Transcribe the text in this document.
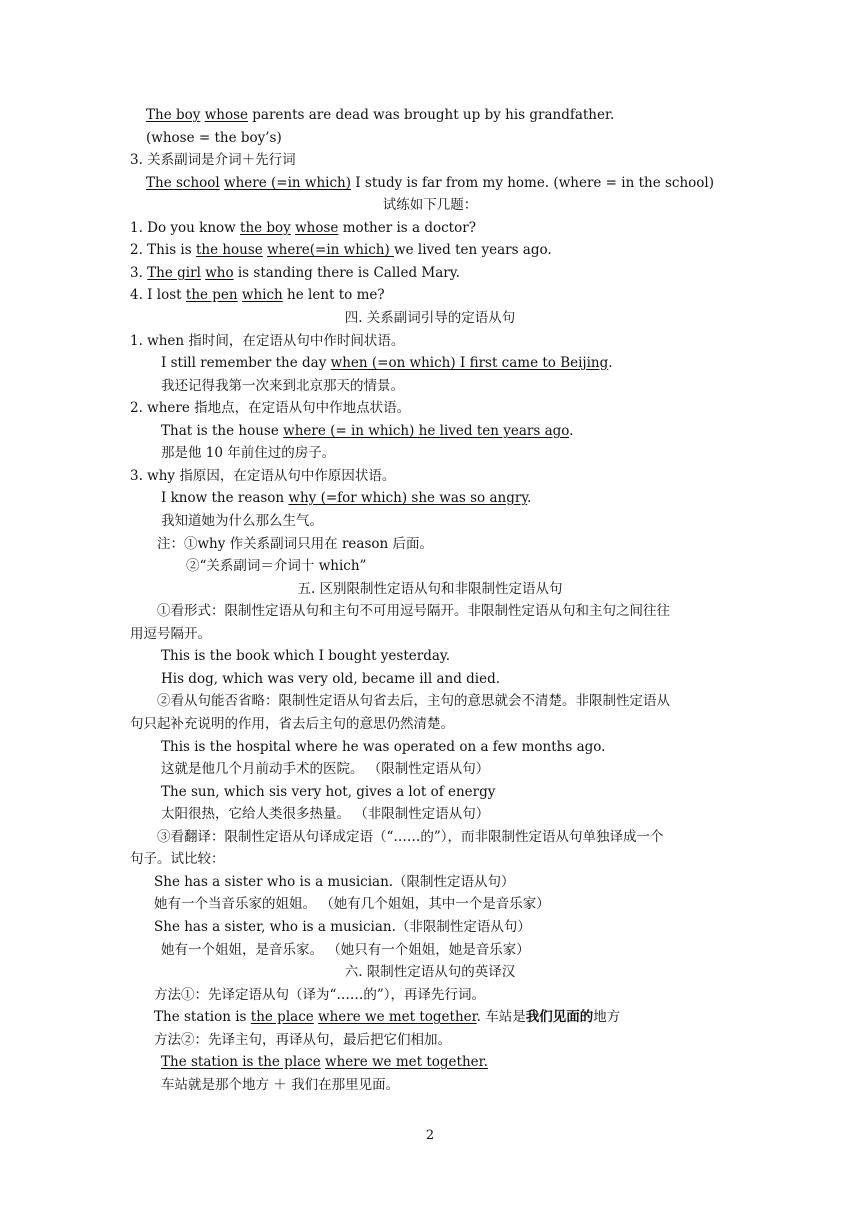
The boy whose parents are dead was brought up by his grandfather.
(whose = the boy’s)
3. 关系副词是介词＋先行词
The school where (=in which) I study is far from my home. (where = in the school)
试练如下几题：
1. Do you know the boy whose mother is a doctor?
2. This is the house where(=in which) we lived ten years ago.
3. The girl who is standing there is Called Mary.
4. I lost the pen which he lent to me?
四. 关系副词引导的定语从句
1. when 指时间，在定语从句中作时间状语。
I still remember the day when (=on which) I first came to Beijing.
我还记得我第一次来到北京那天的情景。
2. where 指地点，在定语从句中作地点状语。
That is the house where (= in which) he lived ten years ago.
那是他 10 年前住过的房子。
3. why 指原因，在定语从句中作原因状语。
I know the reason why (=for which) she was so angry.
我知道她为什么那么生气。
注：①why 作关系副词只用在 reason 后面。
②“关系副词＝介词十 which”
五. 区别限制性定语从句和非限制性定语从句
①看形式：限制性定语从句和主句不可用逗号隔开。非限制性定语从句和主句之间往往
用逗号隔开。
This is the book which I bought yesterday.
His dog, which was very old, became ill and died.
②看从句能否省略：限制性定语从句省去后，主句的意思就会不清楚。非限制性定语从
句只起补充说明的作用，省去后主句的意思仍然清楚。
This is the hospital where he was operated on a few months ago.
这就是他几个月前动手术的医院。 （限制性定语从句）
The sun, which sis very hot, gives a lot of energy
太阳很热，它给人类很多热量。 （非限制性定语从句）
③看翻译：限制性定语从句译成定语（“……的”），而非限制性定语从句单独译成一个
句子。试比较：
She has a sister who is a musician.（限制性定语从句）
她有一个当音乐家的姐姐。 （她有几个姐姐，其中一个是音乐家）
She has a sister, who is a musician.（非限制性定语从句）
她有一个姐姐，是音乐家。 （她只有一个姐姐，她是音乐家）
六. 限制性定语从句的英译汉
方法①：先译定语从句（译为“……的”），再译先行词。
The station is the place where we met together. 车站是我们见面的地方
方法②：先译主句，再译从句，最后把它们相加。
The station is the place where we met together.
车站就是那个地方 ＋ 我们在那里见面。
2
